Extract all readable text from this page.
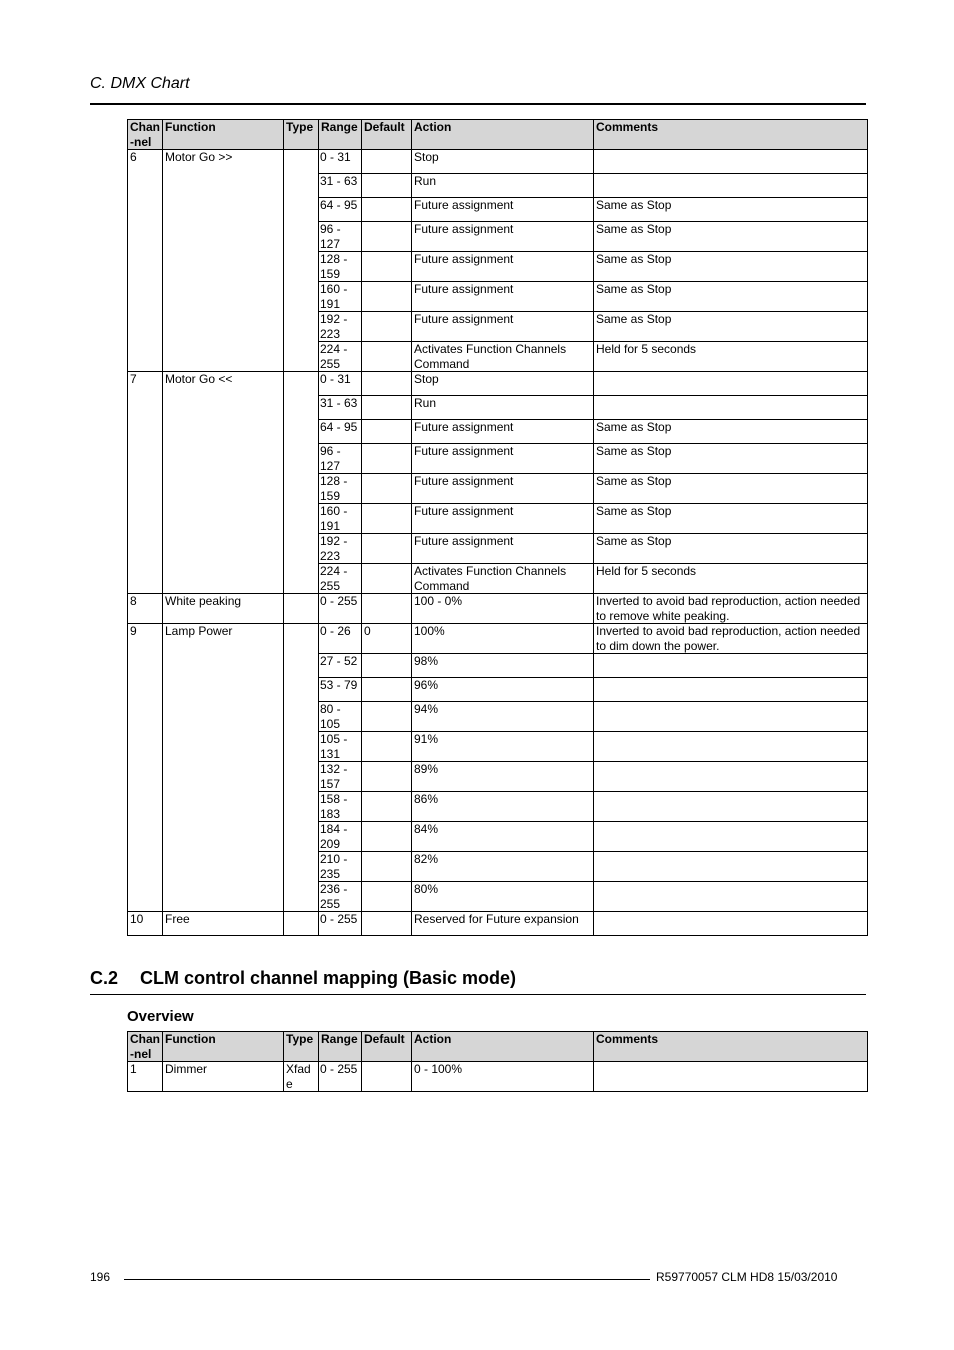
C. DMX Chart
Chan-nel	Function	Type	Range	Default	Action	Comments
6	Motor Go >>		0 - 31		Stop	
			31 - 63		Run	
			64 - 95		Future assignment	Same as Stop
			96 - 127		Future assignment	Same as Stop
			128 - 159		Future assignment	Same as Stop
			160 - 191		Future assignment	Same as Stop
			192 - 223		Future assignment	Same as Stop
			224 - 255		Activates Function Channels Command	Held for 5 seconds
7	Motor Go <<		0 - 31		Stop	
			31 - 63		Run	
			64 - 95		Future assignment	Same as Stop
			96 - 127		Future assignment	Same as Stop
			128 - 159		Future assignment	Same as Stop
			160 - 191		Future assignment	Same as Stop
			192 - 223		Future assignment	Same as Stop
			224 - 255		Activates Function Channels Command	Held for 5 seconds
8	White peaking		0 - 255		100 - 0%	Inverted to avoid bad reproduction, action needed to remove white peaking.
9	Lamp Power		0 - 26	0	100%	Inverted to avoid bad reproduction, action needed to dim down the power.
			27 - 52		98%	
			53 - 79		96%	
			80 - 105		94%	
			105 - 131		91%	
			132 - 157		89%	
			158 - 183		86%	
			184 - 209		84%	
			210 - 235		82%	
			236 - 255		80%	
10	Free		0 - 255		Reserved for Future expansion	
C.2 CLM control channel mapping (Basic mode)
Overview
Chan-nel	Function	Type	Range	Default	Action	Comments
1	Dimmer	Xfade	0 - 255		0 - 100%	
196	R59770057 CLM HD8 15/03/2010
